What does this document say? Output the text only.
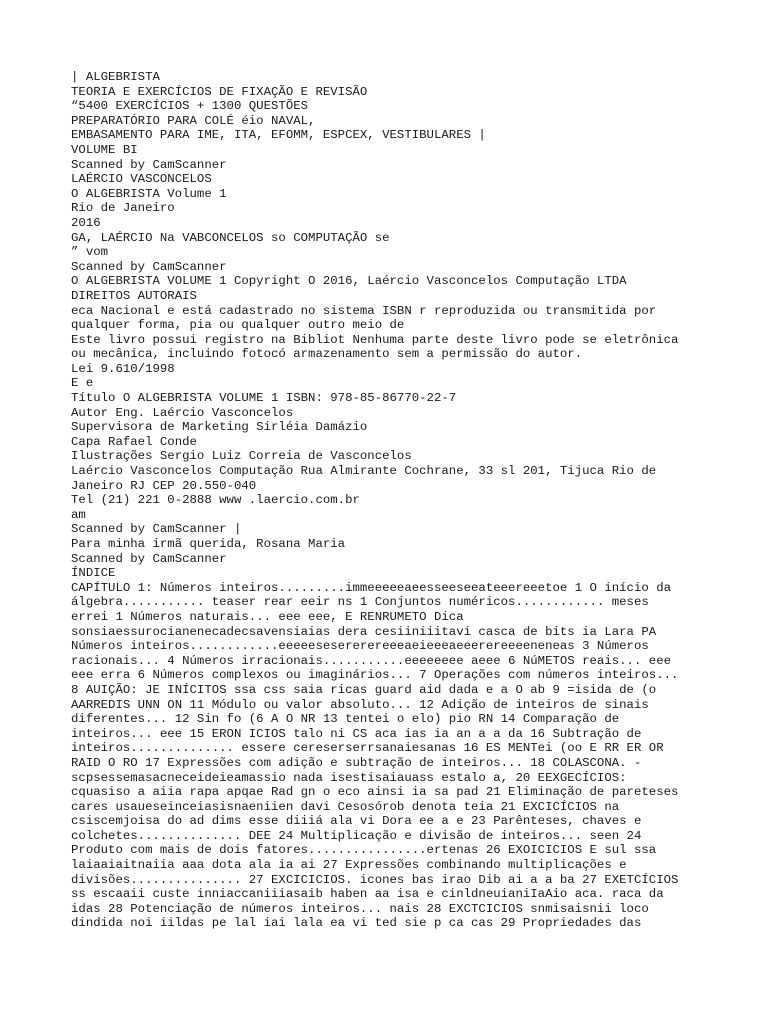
| ALGEBRISTA
TEORIA E EXERCÍCIOS DE FIXAÇÃO E REVISÃO
“5400 EXERCÍCIOS + 1300 QUESTÕES
PREPARATÓRIO PARA COLÉ éio NAVAL,
EMBASAMENTO PARA IME, ITA, EFOMM, ESPCEX, VESTIBULARES |
VOLUME BI
Scanned by CamScanner
LAÉRCIO VASCONCELOS
O ALGEBRISTA Volume 1
Rio de Janeiro
2016
GA, LAÉRCIO Na VABCONCELOS so COMPUTAÇÃO se
” vom
Scanned by CamScanner
O ALGEBRISTA VOLUME 1 Copyright O 2016, Laércio Vasconcelos Computação LTDA
DIREITOS AUTORAIS
eca Nacional e está cadastrado no sistema ISBN r reproduzida ou transmitida por
qualquer forma, pia ou qualquer outro meio de
Este livro possui registro na Bibliot Nenhuma parte deste livro pode se eletrônica
ou mecânica, incluindo fotocó armazenamento sem a permissão do autor.
Lei 9.610/1998
E e
Título O ALGEBRISTA VOLUME 1 ISBN: 978-85-86770-22-7
Autor Eng. Laércio Vasconcelos
Supervisora de Marketing Sirléia Damázio
Capa Rafael Conde
Ilustrações Sergio Luiz Correia de Vasconcelos
Laércio Vasconcelos Computação Rua Almirante Cochrane, 33 sl 201, Tijuca Rio de
Janeiro RJ CEP 20.550-040
Tel (21) 221 0-2888 www .laercio.com.br
am
Scanned by CamScanner |
Para minha irmã querida, Rosana Maria
Scanned by CamScanner
ÍNDICE
CAPÍTULO 1: Números inteiros.........immeeeeeaeesseeseeateeereeetoe 1 O início da
álgebra........... teaser rear eeir ns 1 Conjuntos numéricos............ meses
errei 1 Números naturais... eee eee, E RENRUMETO Dica
sonsiaessurocianenecadecsavensiaias dera cesiiniiitavi casca de bits ia Lara PA
Números inteiros............eeeeesesererereeeaeieeeaeeerereeeeneneas 3 Números
racionais... 4 Números irracionais...........eeeeeeee aeee 6 NúMETOS reais... eee
eee erra 6 Números complexos ou imaginários... 7 Operações com números inteiros...
8 AUIÇÃO: JE INÍCITOS ssa css saia ricas guard aid dada e a O ab 9 =isida de (o
AARREDIS UNN ON 11 Módulo ou valor absoluto... 12 Adição de inteiros de sinais
diferentes... 12 Sin fo (6 A O NR 13 tentei o elo) pio RN 14 Comparação de
inteiros... eee 15 ERON ICIOS talo ni CS aca ias ia an a a da 16 Subtração de
inteiros.............. essere cereserserrsanaiesanas 16 ES MENTei (oo E RR ER OR
RAID O RO 17 Expressões com adição e subtração de inteiros... 18 COLASCONA. -
scpsessemasacneceideieamassio nada isestisaiauass estalo a, 20 EEXGECÍCIOS:
cquasiso a aiia rapa apqae Rad gn o eco ainsi ia sa pad 21 Eliminação de pareteses
cares usaueseinceiasisnaeniien davi Cesosórob denota teia 21 EXCICÍCIOS na
csiscemjoisa do ad dims esse diiiá ala vi Dora ee a e 23 Parênteses, chaves e
colchetes.............. DEE 24 Multiplicação e divisão de inteiros... seen 24
Produto com mais de dois fatores................ertenas 26 EXOICICIOS E sul ssa
laiaaiaitnaiia aaa dota ala ia ai 27 Expressões combinando multiplicações e
divisões............... 27 EXCICICIOS. icones bas irao Dib ai a a ba 27 EXETCÍCIOS
ss escaaii custe inniaccaniiiasaib haben aa isa e cinldneuianiIaAio aca. raca da
idas 28 Potenciação de números inteiros... nais 28 EXCTCICIOS snmisaisnii loco
dindida noi iildas pe lal iai lala ea vi ted sie p ca cas 29 Propriedades das
